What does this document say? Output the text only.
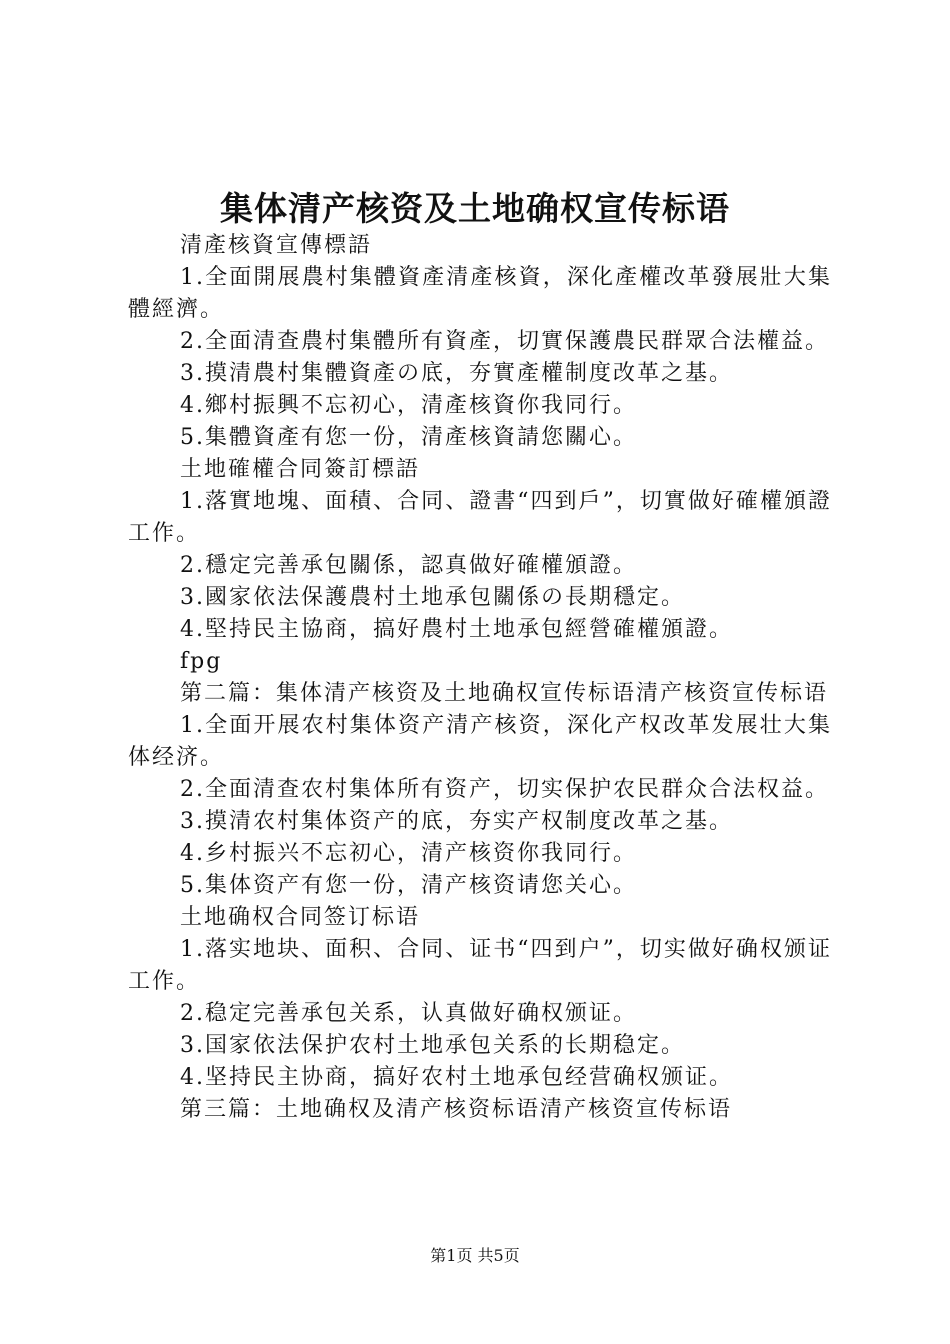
集体清产核资及土地确权宣传标语

清產核資宣傳標語

1.全面開展農村集體資產清產核資，深化產權改革發展壯大集體經濟。

2.全面清查農村集體所有資產，切實保護農民群眾合法權益。

3.摸清農村集體資產の底，夯實產權制度改革之基。

4.鄉村振興不忘初心，清產核資你我同行。

5.集體資產有您一份，清產核資請您關心。

土地確權合同簽訂標語

1.落實地塊、面積、合同、證書“四到戶”，切實做好確權頒證工作。

2.穩定完善承包關係，認真做好確權頒證。

3.國家依法保護農村土地承包關係の長期穩定。

4.堅持民主協商，搞好農村土地承包經營確權頒證。

fpg

第二篇：集体清产核资及土地确权宣传标语清产核资宣传标语

1.全面开展农村集体资产清产核资，深化产权改革发展壮大集体经济。

2.全面清查农村集体所有资产，切实保护农民群众合法权益。

3.摸清农村集体资产的底，夯实产权制度改革之基。

4.乡村振兴不忘初心，清产核资你我同行。

5.集体资产有您一份，清产核资请您关心。

土地确权合同签订标语

1.落实地块、面积、合同、证书“四到户”，切实做好确权颁证工作。

2.稳定完善承包关系，认真做好确权颁证。

3.国家依法保护农村土地承包关系的长期稳定。

4.坚持民主协商，搞好农村土地承包经营确权颁证。

第三篇：土地确权及清产核资标语清产核资宣传标语

第1页 共5页
